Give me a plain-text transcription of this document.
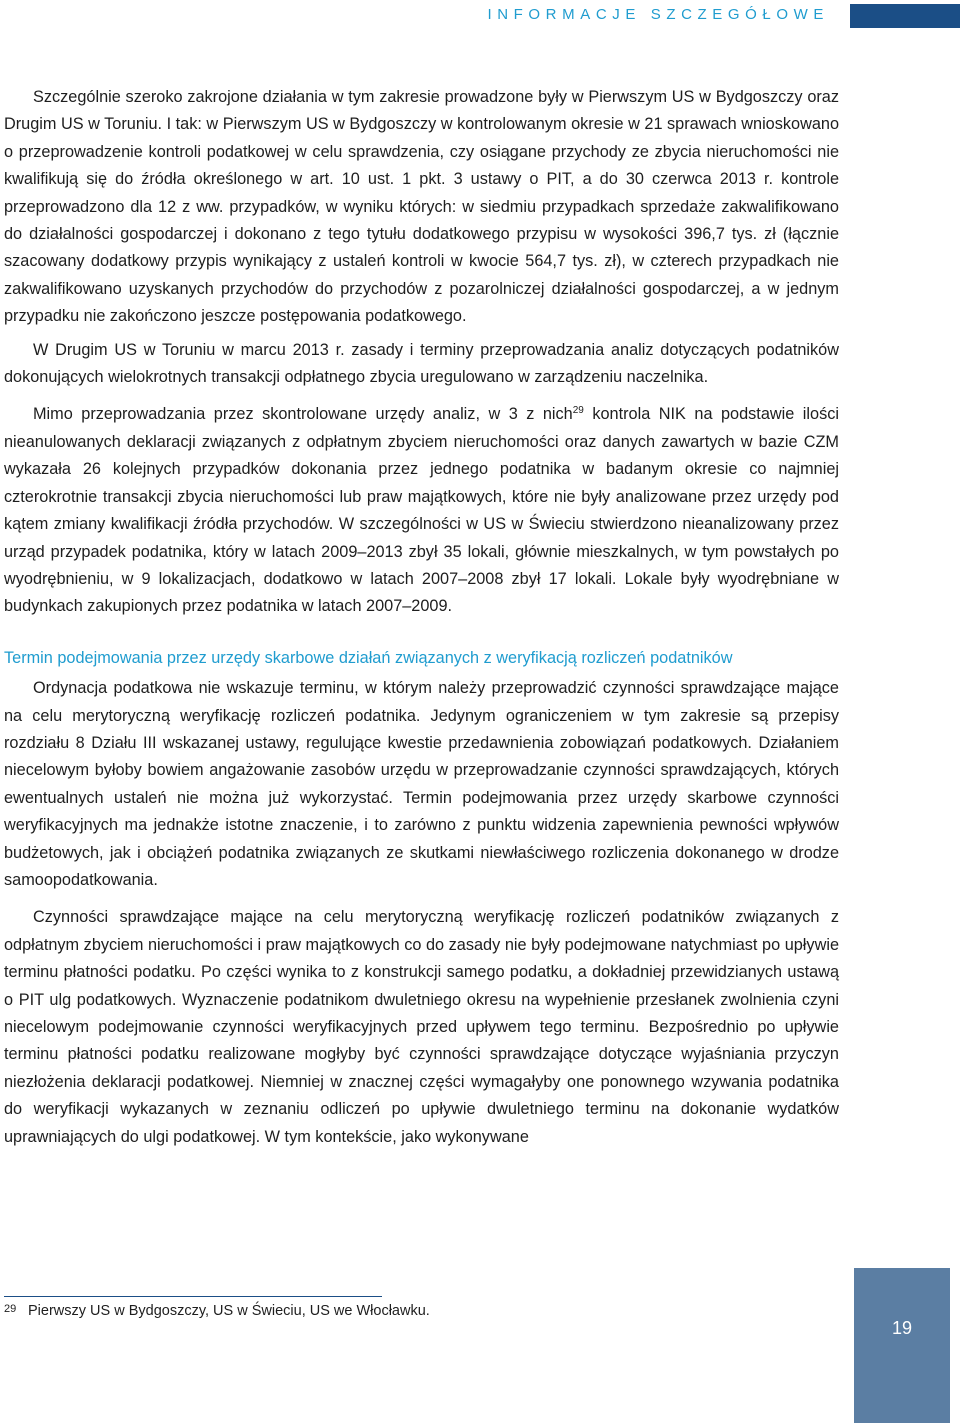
INFORMACJE SZCZEGÓŁOWE

Szczególnie szeroko zakrojone działania w tym zakresie prowadzone były w Pierwszym US w Bydgoszczy oraz Drugim US w Toruniu. I tak: w Pierwszym US w Bydgoszczy w kontrolowanym okresie w 21 sprawach wnioskowano o przeprowadzenie kontroli podatkowej w celu sprawdzenia, czy osiągane przychody ze zbycia nieruchomości nie kwalifikują się do źródła określonego w art. 10 ust. 1 pkt. 3 ustawy o PIT, a do 30 czerwca 2013 r. kontrole przeprowadzono dla 12 z ww. przypadków, w wyniku których: w siedmiu przypadkach sprzedaże zakwalifikowano do działalności gospodarczej i dokonano z tego tytułu dodatkowego przypisu w wysokości 396,7 tys. zł (łącznie szacowany dodatkowy przypis wynikający z ustaleń kontroli w kwocie 564,7 tys. zł), w czterech przypadkach nie zakwalifikowano uzyskanych przychodów do przychodów z pozarolniczej działalności gospodarczej, a w jednym przypadku nie zakończono jeszcze postępowania podatkowego.

W Drugim US w Toruniu w marcu 2013 r. zasady i terminy przeprowadzania analiz dotyczących podatników dokonujących wielokrotnych transakcji odpłatnego zbycia uregulowano w zarządzeniu naczelnika.

Mimo przeprowadzania przez skontrolowane urzędy analiz, w 3 z nich$^{29}$ kontrola NIK na podstawie ilości nieanulowanych deklaracji związanych z odpłatnym zbyciem nieruchomości oraz danych zawartych w bazie CZM wykazała 26 kolejnych przypadków dokonania przez jednego podatnika w badanym okresie co najmniej czterokrotnie transakcji zbycia nieruchomości lub praw majątkowych, które nie były analizowane przez urzędy pod kątem zmiany kwalifikacji źródła przychodów. W szczególności w US w Świeciu stwierdzono nieanalizowany przez urząd przypadek podatnika, który w latach 2009–2013 zbył 35 lokali, głównie mieszkalnych, w tym powstałych po wyodrębnieniu, w 9 lokalizacjach, dodatkowo w latach 2007–2008 zbył 17 lokali. Lokale były wyodrębniane w budynkach zakupionych przez podatnika w latach 2007–2009.

Termin podejmowania przez urzędy skarbowe działań związanych z weryfikacją rozliczeń podatników

Ordynacja podatkowa nie wskazuje terminu, w którym należy przeprowadzić czynności sprawdzające mające na celu merytoryczną weryfikację rozliczeń podatnika. Jedynym ograniczeniem w tym zakresie są przepisy rozdziału 8 Działu III wskazanej ustawy, regulujące kwestie przedawnienia zobowiązań podatkowych. Działaniem niecelowym byłoby bowiem angażowanie zasobów urzędu w przeprowadzanie czynności sprawdzających, których ewentualnych ustaleń nie można już wykorzystać. Termin podejmowania przez urzędy skarbowe czynności weryfikacyjnych ma jednakże istotne znaczenie, i to zarówno z punktu widzenia zapewnienia pewności wpływów budżetowych, jak i obciążeń podatnika związanych ze skutkami niewłaściwego rozliczenia dokonanego w drodze samoopodatkowania.

Czynności sprawdzające mające na celu merytoryczną weryfikację rozliczeń podatników związanych z odpłatnym zbyciem nieruchomości i praw majątkowych co do zasady nie były podejmowane natychmiast po upływie terminu płatności podatku. Po części wynika to z konstrukcji samego podatku, a dokładniej przewidzianych ustawą o PIT ulg podatkowych. Wyznaczenie podatnikom dwuletniego okresu na wypełnienie przesłanek zwolnienia czyni niecelowym podejmowanie czynności weryfikacyjnych przed upływem tego terminu. Bezpośrednio po upływie terminu płatności podatku realizowane mogłyby być czynności sprawdzające dotyczące wyjaśniania przyczyn niezłożenia deklaracji podatkowej. Niemniej w znacznej części wymagałyby one ponownego wzywania podatnika do weryfikacji wykazanych w zeznaniu odliczeń po upływie dwuletniego terminu na dokonanie wydatków uprawniających do ulgi podatkowej. W tym kontekście, jako wykonywane

29 Pierwszy US w Bydgoszczy, US w Świeciu, US we Włocławku.
19
